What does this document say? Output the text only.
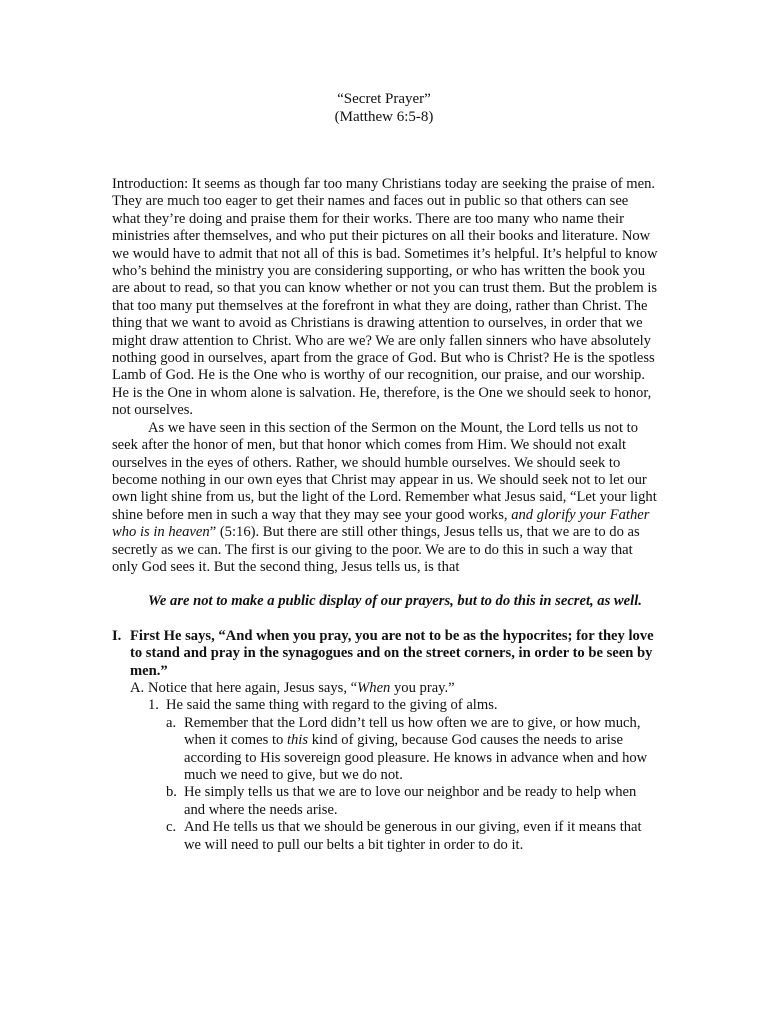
“Secret Prayer”
(Matthew 6:5-8)

Introduction: It seems as though far too many Christians today are seeking the praise of men. They are much too eager to get their names and faces out in public so that others can see what they’re doing and praise them for their works. There are too many who name their ministries after themselves, and who put their pictures on all their books and literature. Now we would have to admit that not all of this is bad. Sometimes it’s helpful. It’s helpful to know who’s behind the ministry you are considering supporting, or who has written the book you are about to read, so that you can know whether or not you can trust them. But the problem is that too many put themselves at the forefront in what they are doing, rather than Christ. The thing that we want to avoid as Christians is drawing attention to ourselves, in order that we might draw attention to Christ. Who are we? We are only fallen sinners who have absolutely nothing good in ourselves, apart from the grace of God. But who is Christ? He is the spotless Lamb of God. He is the One who is worthy of our recognition, our praise, and our worship. He is the One in whom alone is salvation. He, therefore, is the One we should seek to honor, not ourselves.

As we have seen in this section of the Sermon on the Mount, the Lord tells us not to seek after the honor of men, but that honor which comes from Him. We should not exalt ourselves in the eyes of others. Rather, we should humble ourselves. We should seek to become nothing in our own eyes that Christ may appear in us. We should seek not to let our own light shine from us, but the light of the Lord. Remember what Jesus said, “Let your light shine before men in such a way that they may see your good works, and glorify your Father who is in heaven” (5:16). But there are still other things, Jesus tells us, that we are to do as secretly as we can. The first is our giving to the poor. We are to do this in such a way that only God sees it. But the second thing, Jesus tells us, is that

We are not to make a public display of our prayers, but to do this in secret, as well.

I. First He says, “And when you pray, you are not to be as the hypocrites; for they love to stand and pray in the synagogues and on the street corners, in order to be seen by men.”
A. Notice that here again, Jesus says, “When you pray.”
1. He said the same thing with regard to the giving of alms.
a. Remember that the Lord didn’t tell us how often we are to give, or how much, when it comes to this kind of giving, because God causes the needs to arise according to His sovereign good pleasure. He knows in advance when and how much we need to give, but we do not.
b. He simply tells us that we are to love our neighbor and be ready to help when and where the needs arise.
c. And He tells us that we should be generous in our giving, even if it means that we will need to pull our belts a bit tighter in order to do it.
